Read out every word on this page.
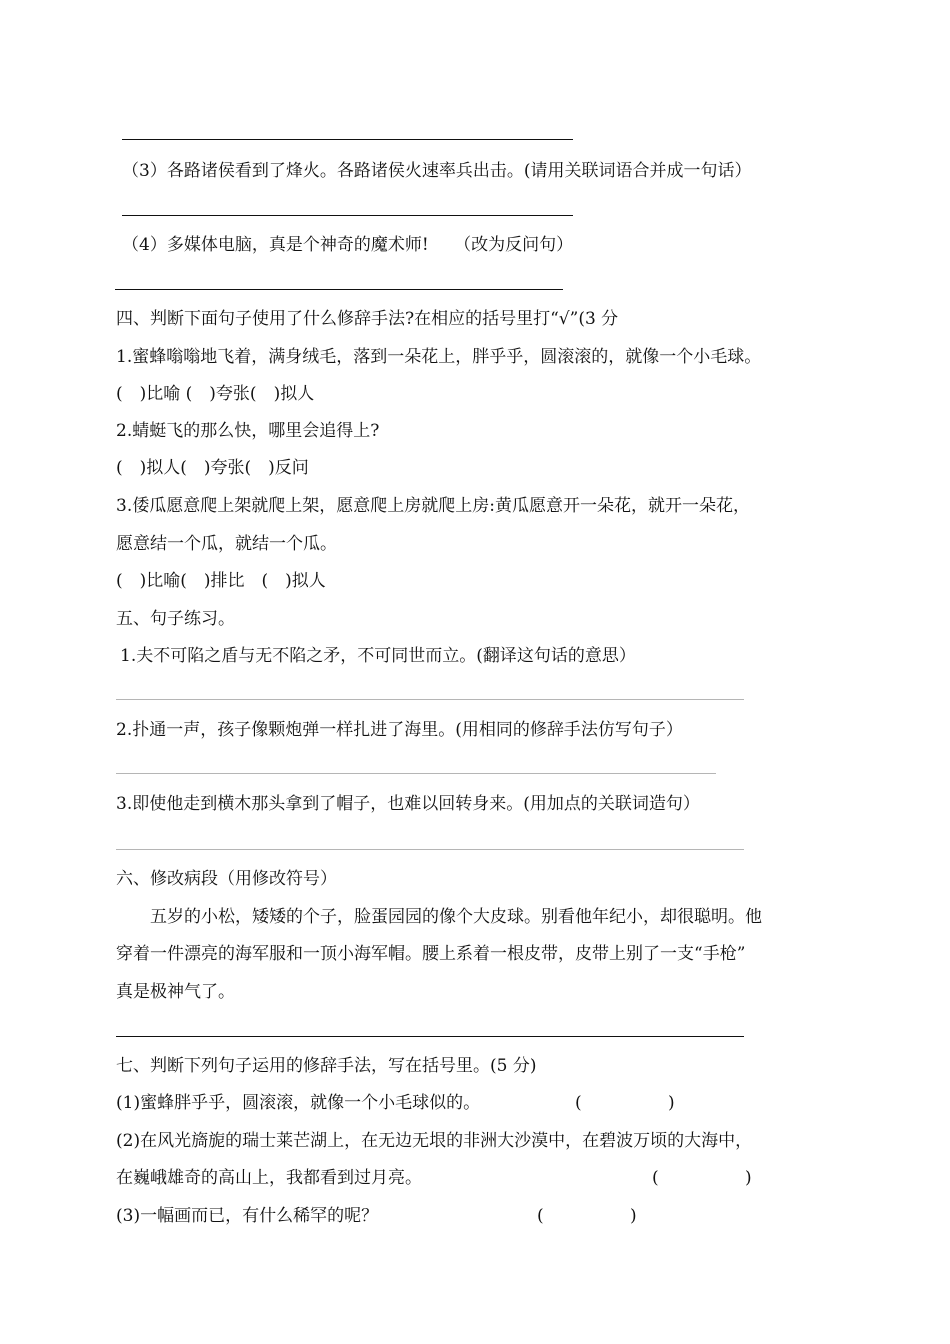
（3）各路诸侯看到了烽火。各路诸侯火速率兵出击。(请用关联词语合并成一句话）
（4）多媒体电脑，真是个神奇的魔术师!　　（改为反问句）
四、判断下面句子使用了什么修辞手法?在相应的括号里打“√”(3 分
1.蜜蜂嗡嗡地飞着，满身绒毛，落到一朵花上，胖乎乎，圆滚滚的，就像一个小毛球。
(　)比喻 (　)夸张(　)拟人
2.蜻蜓飞的那么快，哪里会追得上?
(　)拟人(　)夸张(　)反问
3.倭瓜愿意爬上架就爬上架，愿意爬上房就爬上房:黄瓜愿意开一朵花，就开一朵花，
愿意结一个瓜，就结一个瓜。
(　)比喻(　)排比　(　)拟人
五、句子练习。
1.夫不可陷之盾与无不陷之矛，不可同世而立。(翻译这句话的意思）
2.扑通一声，孩子像颗炮弹一样扎进了海里。(用相同的修辞手法仿写句子）
3.即使他走到横木那头拿到了帽子，也难以回转身来。(用加点的关联词造句）
六、修改病段（用修改符号）
五岁的小松，矮矮的个子，脸蛋园园的像个大皮球。别看他年纪小，却很聪明。他
穿着一件漂亮的海军服和一顶小海军帽。腰上系着一根皮带，皮带上别了一支“手枪”
真是极神气了。
七、判断下列句子运用的修辞手法，写在括号里。(5 分)
(1)蜜蜂胖乎乎，圆滚滚，就像一个小毛球似的。	(	)
(2)在风光旖旎的瑞士莱芒湖上，在无边无垠的非洲大沙漠中，在碧波万顷的大海中，
在巍峨雄奇的高山上，我都看到过月亮。	(	)
(3)一幅画而已，有什么稀罕的呢？	(	)
